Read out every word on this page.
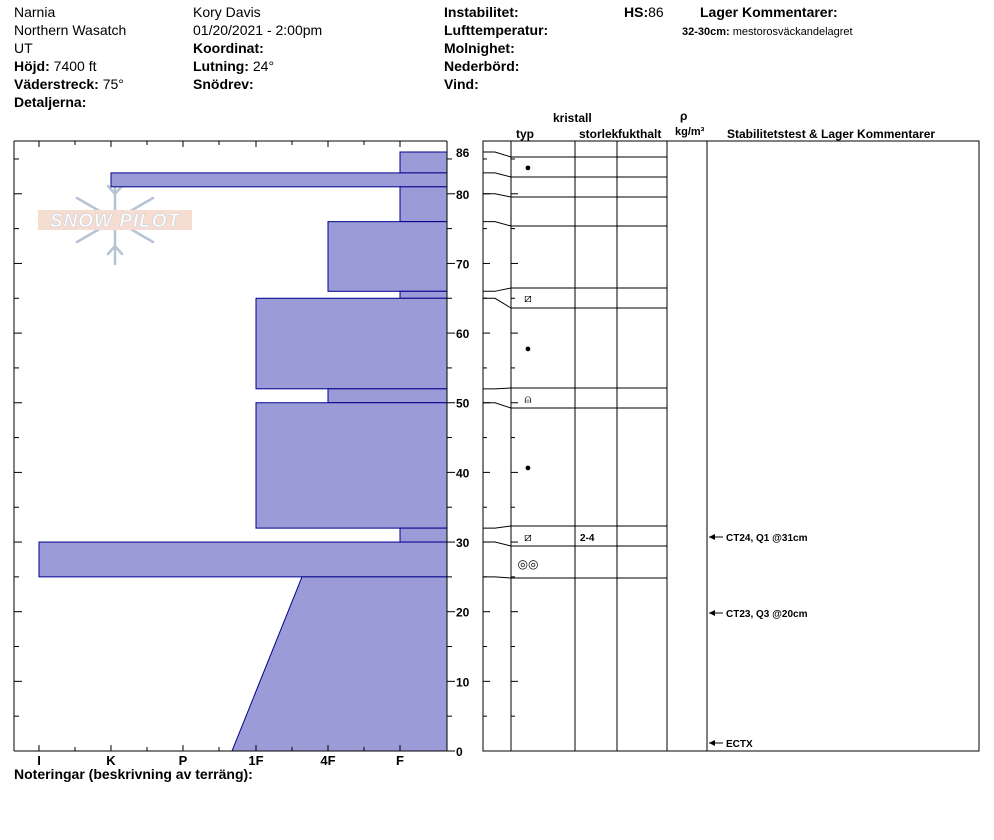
Narnia
Northern Wasatch
UT
Höjd: 7400 ft
Väderstreck: 75°
Detaljerna:
Kory Davis
01/20/2021 - 2:00pm
Koordinat:
Lutning: 24°
Snödrev:
Instabilitet:
Lufttemperatur:
Molnighet:
Nederbörd:
Vind:
HS:86	Lager Kommentarer:
32-30cm: mestorosväckandelagret
kristall
typ	storlek fukthalt
ρ
kg/m³ Stabilitetstest & Lager Kommentarer
SNOW PILOT
I	K	P	1F	4F	F
0
10
20
30
40
50
60
70
80
86
●
⧄
●
⍝
●
⧄	2-4
◎◎
CT24, Q1 @31cm
CT23, Q3 @20cm
ECTX
Noteringar (beskrivning av terräng):
